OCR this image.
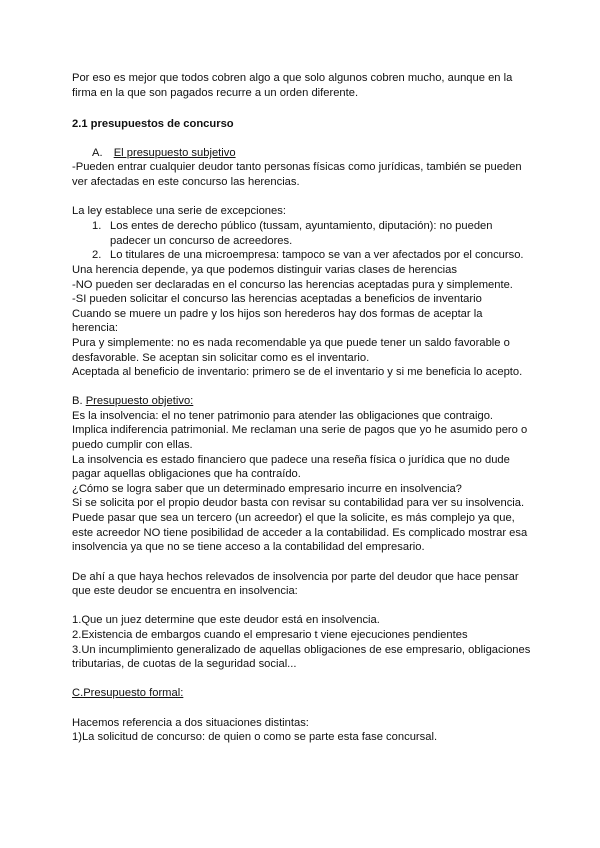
Por eso es mejor que todos cobren algo a que solo algunos cobren mucho, aunque en la
firma en la que son pagados recurre a un orden diferente.
2.1 presupuestos de concurso
A. El presupuesto subjetivo
-Pueden entrar cualquier deudor tanto personas físicas como jurídicas, también se pueden
ver afectadas en este concurso las herencias.
La ley establece una serie de excepciones:
1. Los entes de derecho público (tussam, ayuntamiento, diputación): no pueden
padecer un concurso de acreedores.
2. Lo titulares de una microempresa: tampoco se van a ver afectados por el concurso.
Una herencia depende, ya que podemos distinguir varias clases de herencias
-NO pueden ser declaradas en el concurso las herencias aceptadas pura y simplemente.
-SI pueden solicitar el concurso las herencias aceptadas a beneficios de inventario
Cuando se muere un padre y los hijos son herederos hay dos formas de aceptar la
herencia:
Pura y simplemente: no es nada recomendable ya que puede tener un saldo favorable o
desfavorable. Se aceptan sin solicitar como es el inventario.
Aceptada al beneficio de inventario: primero se de el inventario y si me beneficia lo acepto.
B. Presupuesto objetivo:
Es la insolvencia: el no tener patrimonio para atender las obligaciones que contraigo.
Implica indiferencia patrimonial. Me reclaman una serie de pagos que yo he asumido pero o
puedo cumplir con ellas.
La insolvencia es estado financiero que padece una reseña física o jurídica que no dude
pagar aquellas obligaciones que ha contraído.
¿Cómo se logra saber que un determinado empresario incurre en insolvencia?
Si se solicita por el propio deudor basta con revisar su contabilidad para ver su insolvencia.
Puede pasar que sea un tercero (un acreedor) el que la solicite, es más complejo ya que,
este acreedor NO tiene posibilidad de acceder a la contabilidad. Es complicado mostrar esa
insolvencia ya que no se tiene acceso a la contabilidad del empresario.
De ahí a que haya hechos relevados de insolvencia por parte del deudor que hace pensar
que este deudor se encuentra en insolvencia:
1.Que un juez determine que este deudor está en insolvencia.
2.Existencia de embargos cuando el empresario t viene ejecuciones pendientes
3.Un incumplimiento generalizado de aquellas obligaciones de ese empresario, obligaciones
tributarias, de cuotas de la seguridad social...
C.Presupuesto formal:
Hacemos referencia a dos situaciones distintas:
1)La solicitud de concurso: de quien o como se parte esta fase concursal.
